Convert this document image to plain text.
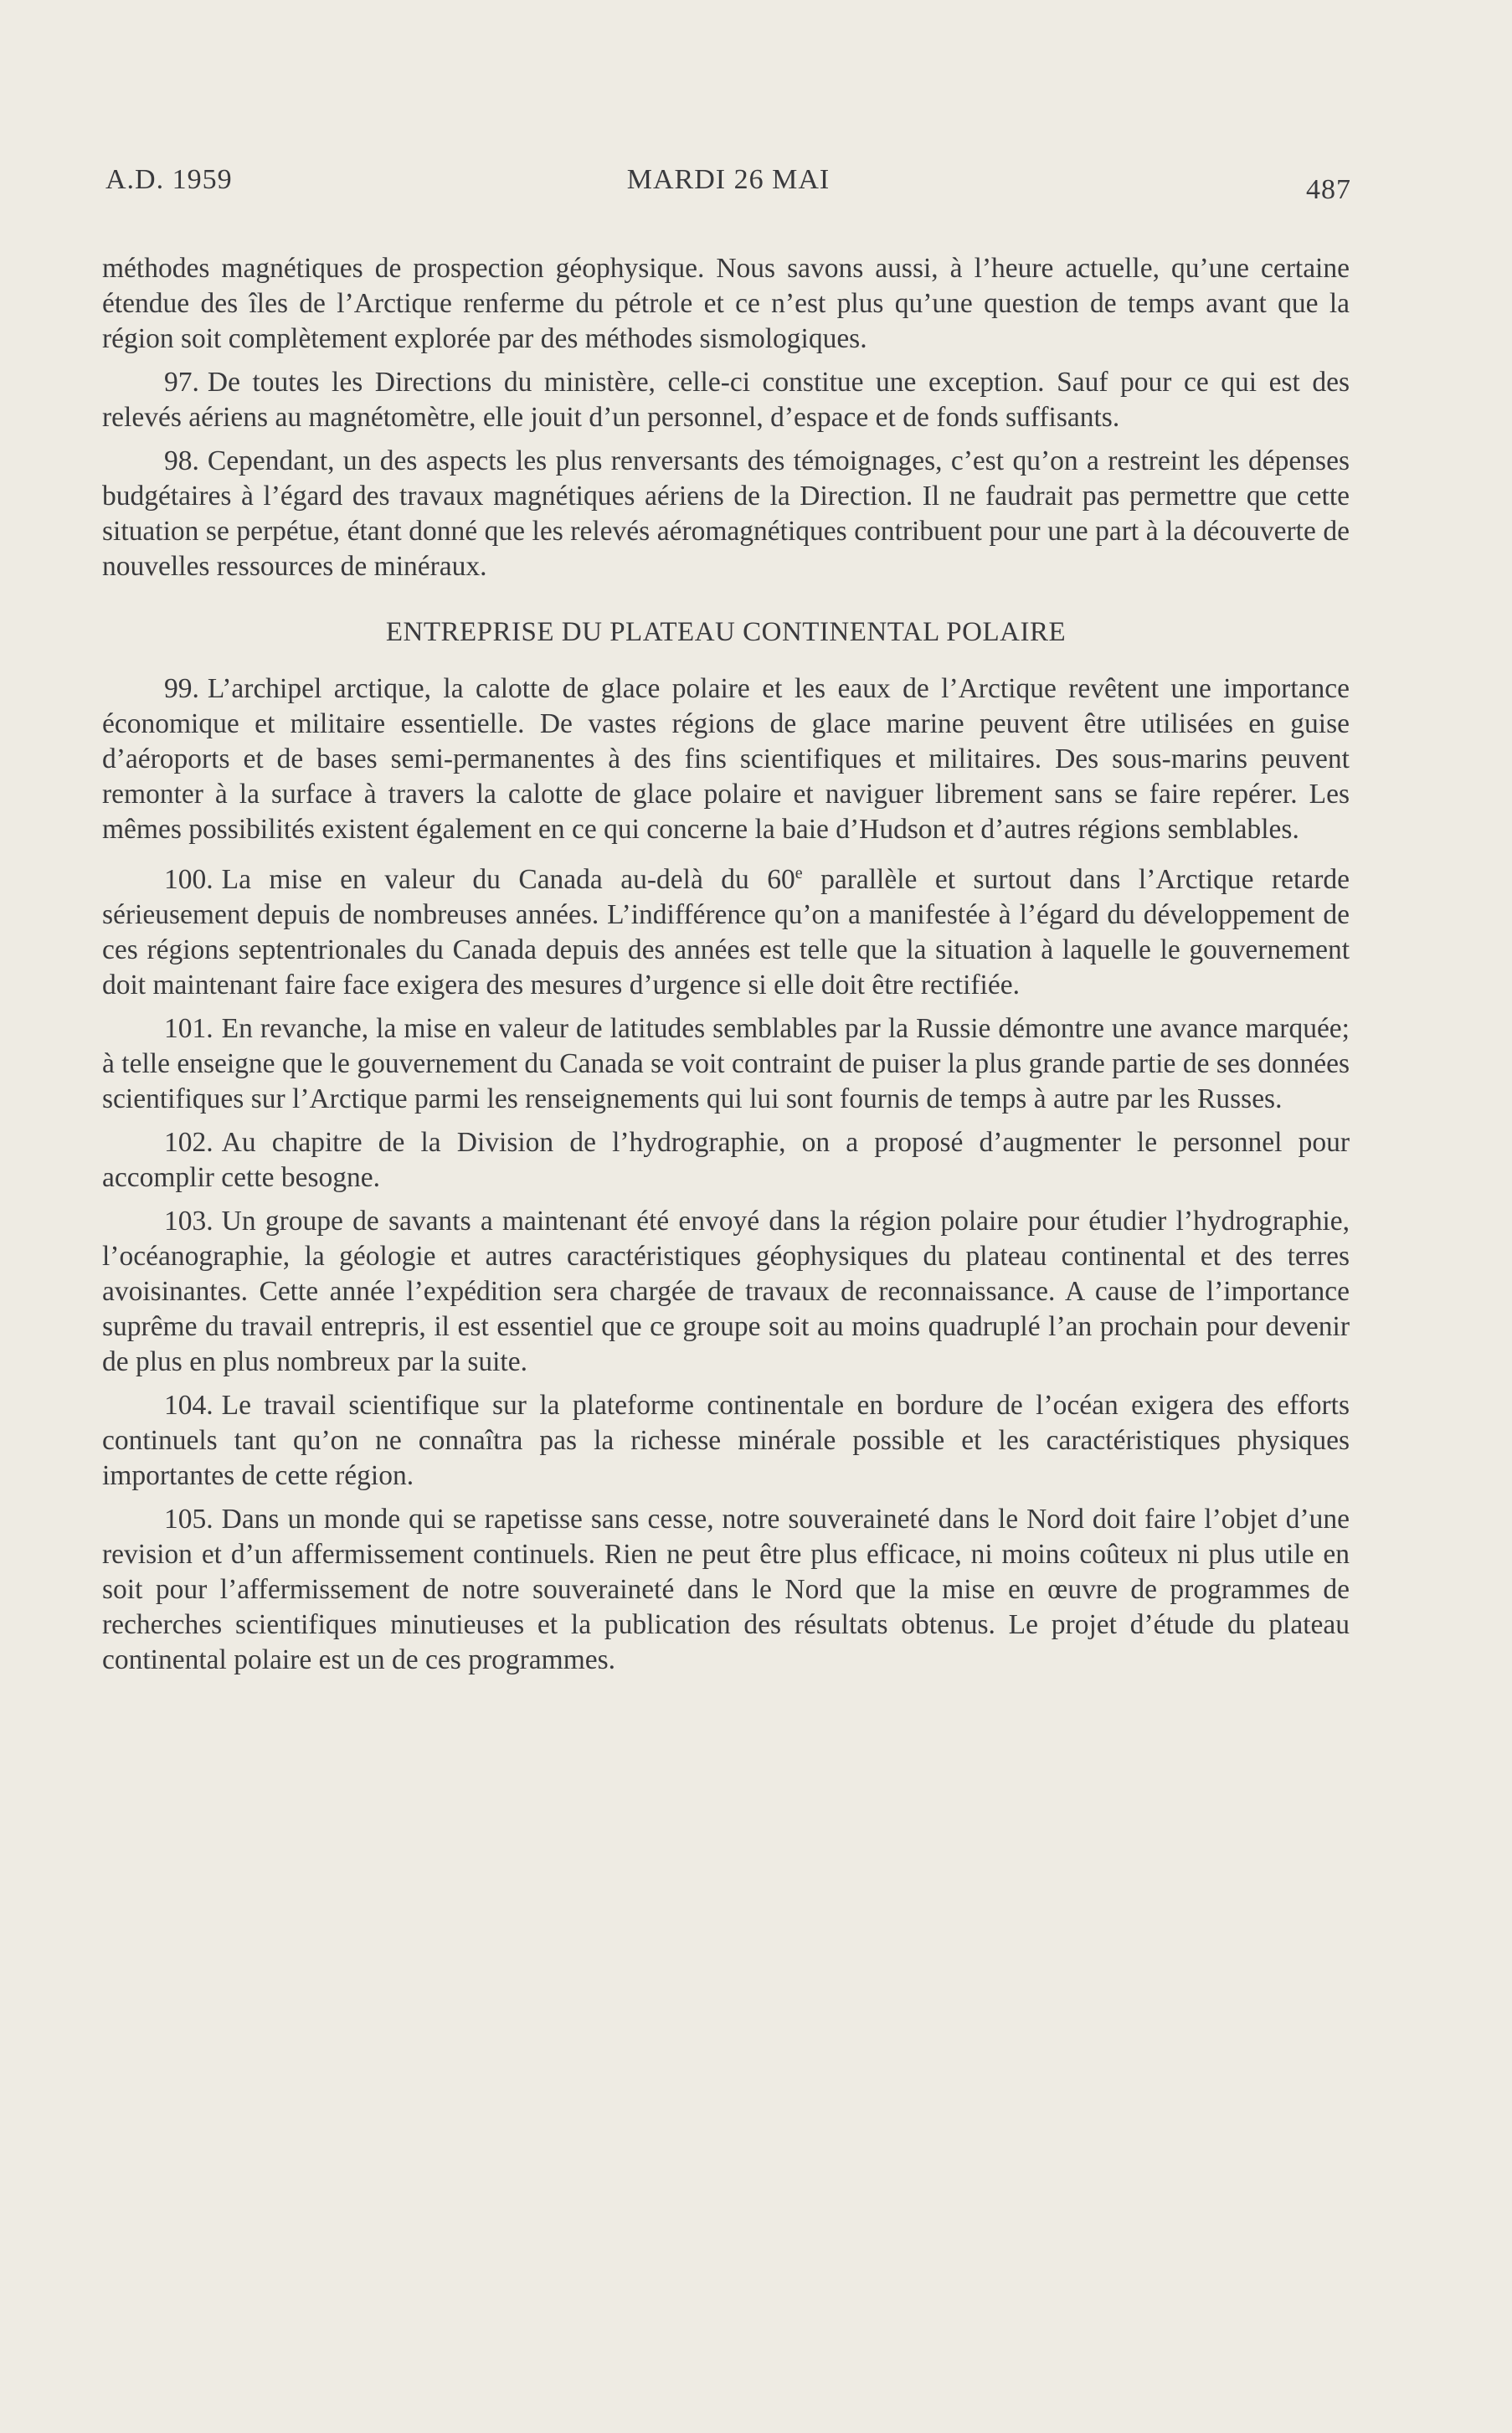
A.D. 1959	MARDI 26 MAI	487

méthodes magnétiques de prospection géophysique. Nous savons aussi, à l’heure actuelle, qu’une certaine étendue des îles de l’Arctique renferme du pétrole et ce n’est plus qu’une question de temps avant que la région soit complètement explorée par des méthodes sismologiques.

97. De toutes les Directions du ministère, celle-ci constitue une exception. Sauf pour ce qui est des relevés aériens au magnétomètre, elle jouit d’un personnel, d’espace et de fonds suffisants.

98. Cependant, un des aspects les plus renversants des témoignages, c’est qu’on a restreint les dépenses budgétaires à l’égard des travaux magnétiques aériens de la Direction. Il ne faudrait pas permettre que cette situation se perpétue, étant donné que les relevés aéromagnétiques contribuent pour une part à la découverte de nouvelles ressources de minéraux.

ENTREPRISE DU PLATEAU CONTINENTAL POLAIRE

99. L’archipel arctique, la calotte de glace polaire et les eaux de l’Arctique revêtent une importance économique et militaire essentielle. De vastes régions de glace marine peuvent être utilisées en guise d’aéroports et de bases semi-permanentes à des fins scientifiques et militaires. Des sous-marins peuvent remonter à la surface à travers la calotte de glace polaire et naviguer librement sans se faire repérer. Les mêmes possibilités existent également en ce qui concerne la baie d’Hudson et d’autres régions semblables.

100. La mise en valeur du Canada au-delà du 60e parallèle et surtout dans l’Arctique retarde sérieusement depuis de nombreuses années. L’indifférence qu’on a manifestée à l’égard du développement de ces régions septentrionales du Canada depuis des années est telle que la situation à laquelle le gouvernement doit maintenant faire face exigera des mesures d’urgence si elle doit être rectifiée.

101. En revanche, la mise en valeur de latitudes semblables par la Russie démontre une avance marquée; à telle enseigne que le gouvernement du Canada se voit contraint de puiser la plus grande partie de ses données scientifiques sur l’Arctique parmi les renseignements qui lui sont fournis de temps à autre par les Russes.

102. Au chapitre de la Division de l’hydrographie, on a proposé d’augmenter le personnel pour accomplir cette besogne.

103. Un groupe de savants a maintenant été envoyé dans la région polaire pour étudier l’hydrographie, l’océanographie, la géologie et autres caractéristiques géophysiques du plateau continental et des terres avoisinantes. Cette année l’expédition sera chargée de travaux de reconnaissance. A cause de l’importance suprême du travail entrepris, il est essentiel que ce groupe soit au moins quadruplé l’an prochain pour devenir de plus en plus nombreux par la suite.

104. Le travail scientifique sur la plateforme continentale en bordure de l’océan exigera des efforts continuels tant qu’on ne connaîtra pas la richesse minérale possible et les caractéristiques physiques importantes de cette région.

105. Dans un monde qui se rapetisse sans cesse, notre souveraineté dans le Nord doit faire l’objet d’une revision et d’un affermissement continuels. Rien ne peut être plus efficace, ni moins coûteux ni plus utile en soit pour l’affermissement de notre souveraineté dans le Nord que la mise en œuvre de programmes de recherches scientifiques minutieuses et la publication des résultats obtenus. Le projet d’étude du plateau continental polaire est un de ces programmes.
